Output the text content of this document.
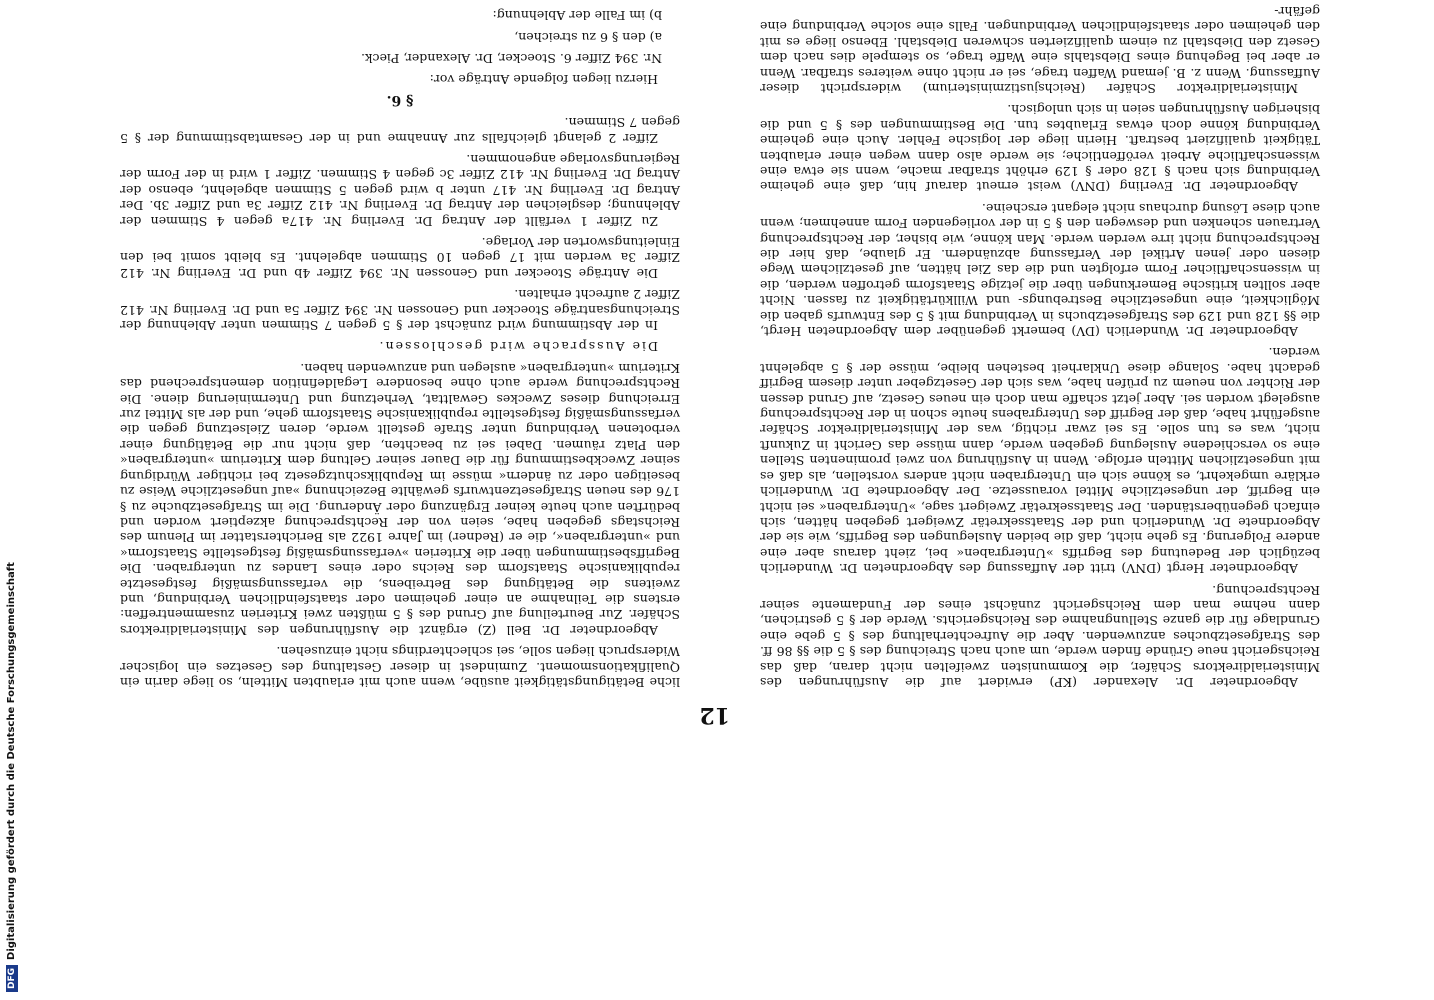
12

Abgeordneter Dr. Alexander (KP) erwidert auf die Ausführungen des Ministerialdirektors Schäfer, die Kommunisten zweifelten nicht daran, daß das Reichsgericht neue Gründe finden werde, um auch nach Streichung des § 5 die §§ 86 ff. des Strafgesetzbuches anzuwenden. Aber die Aufrechterhaltung des § 5 gebe eine Grundlage für die ganze Stellungnahme des Reichsgerichts. Werde der § 5 gestrichen, dann nehme man dem Reichsgericht zunächst eines der Fundamente seiner Rechtsprechung.

Abgeordneter Hergt (DNV) tritt der Auffassung des Abgeordneten Dr. Wunderlich bezüglich der Bedeutung des Begriffs »Untergraben« bei, zieht daraus aber eine andere Folgerung. Es gehe nicht, daß die beiden Auslegungen des Begriffs, wie sie der Abgeordnete Dr. Wunderlich und der Staatssekretär Zweigert gegeben hätten, sich einfach gegenüberständen. Der Staatssekretär Zweigert sage, »Untergraben« sei nicht ein Begriff, der ungesetzliche Mittel voraussetze. Der Abgeordnete Dr. Wunderlich erkläre umgekehrt, es könne sich ein Untergraben nicht anders vorstellen, als daß es mit ungesetzlichen Mitteln erfolge. Wenn in Ausführung von zwei prominenten Stellen eine so verschiedene Auslegung gegeben werde, dann müsse das Gericht in Zukunft nicht, was es tun solle. Es sei zwar richtig, was der Ministerialdirektor Schäfer ausgeführt habe, daß der Begriff des Untergrabens heute schon in der Rechtsprechung ausgelegt worden sei. Aber jetzt schaffe man doch ein neues Gesetz, auf Grund dessen der Richter von neuem zu prüfen habe, was sich der Gesetzgeber unter diesem Begriff gedacht habe. Solange diese Unklarheit bestehen bleibe, müsse der § 5 abgelehnt werden.

Abgeordneter Dr. Wunderlich (DV) bemerkt gegenüber dem Abgeordneten Hergt, die §§ 128 und 129 des Strafgesetzbuchs in Verbindung mit § 5 des Entwurfs gaben die Möglichkeit, eine ungesetzliche Bestrebungs- und Willkürtätigkeit zu fassen. Nicht aber sollten kritische Bemerkungen über die jetzige Staatsform getroffen werden, die in wissenschaftlicher Form erfolgten und die das Ziel hätten, auf gesetzlichem Wege diesen oder jenen Artikel der Verfassung abzuändern. Er glaube, daß hier die Rechtsprechung nicht irre werden werde. Man könne, wie bisher, der Rechtsprechung Vertrauen schenken und deswegen den § 5 in der vorliegenden Form annehmen; wenn auch diese Lösung durchaus nicht elegant erscheine.

Abgeordneter Dr. Everling (DNV) weist erneut darauf hin, daß eine geheime Verbindung sich nach § 128 oder § 129 erhöht strafbar mache, wenn sie etwa eine wissenschaftliche Arbeit veröffentliche; sie werde also dann wegen einer erlaubten Tätigkeit qualifiziert bestraft. Hierin liege der logische Fehler. Auch eine geheime Verbindung könne doch etwas Erlaubtes tun. Die Bestimmungen des § 5 und die bisherigen Ausführungen seien in sich unlogisch.

Ministerialdirektor Schäfer (Reichsjustizministerium) widerspricht dieser Auffassung. Wenn z. B. jemand Waffen trage, sei er nicht ohne weiteres strafbar. Wenn er aber bei Begehung eines Diebstahls eine Waffe trage, so stempele dies nach dem Gesetz den Diebstahl zu einem qualifizierten schweren Diebstahl. Ebenso liege es mit den geheimen oder staatsfeindlichen Verbindungen. Falls eine solche Verbindung eine gefähr-

liche Betätigungstätigkeit ausübe, wenn auch mit erlaubten Mitteln, so liege darin ein Qualifikationsmoment. Zumindest in dieser Gestaltung des Gesetzes ein logischer Widerspruch liegen solle, sei schlechterdings nicht einzusehen.

Abgeordneter Dr. Bell (Z) ergänzt die Ausführungen des Ministerialdirektors Schäfer. Zur Beurteilung auf Grund des § 5 müßten zwei Kriterien zusammentreffen: erstens die Teilnahme an einer geheimen oder staatsfeindlichen Verbindung, und zweitens die Betätigung des Betreibens, die verfassungsmäßig festgesetzte republikanische Staatsform des Reichs oder eines Landes zu untergraben. Die Begriffsbestimmungen über die Kriterien »verfassungsmäßig festgestellte Staatsform« und »untergraben«, die er (Redner) im Jahre 1922 als Berichterstatter im Plenum des Reichstags gegeben habe, seien von der Rechtsprechung akzeptiert worden und bedürften auch heute keiner Ergänzung oder Änderung. Die im Strafgesetzbuche zu § 176 des neuen Strafgesetzentwurfs gewählte Bezeichnung »auf ungesetzliche Weise zu beseitigen oder zu ändern« müsse im Republikschutzgesetz bei richtiger Würdigung seiner Zweckbestimmung für die Dauer seiner Geltung dem Kriterium »untergraben« den Platz räumen. Dabei sei zu beachten, daß nicht nur die Betätigung einer verbotenen Verbindung unter Strafe gestellt werde, deren Zielsetzung gegen die verfassungsmäßig festgestellte republikanische Staatsform gehe, und der als Mittel zur Erreichung dieses Zweckes Gewalttat, Verhetzung und Unterminierung diene. Die Rechtsprechung werde auch ohne besondere Legaldefinition dementsprechend das Kriterium »untergraben« auslegen und anzuwenden haben.

Die Aussprache wird geschlossen.

In der Abstimmung wird zunächst der § 5 gegen 7 Stimmen unter Ablehnung der Streichungsanträge Stoecker und Genossen Nr. 394 Ziffer 5a und Dr. Everling Nr. 412 Ziffer 2 aufrecht erhalten.

Die Anträge Stoecker und Genossen Nr. 394 Ziffer 4b und Dr. Everling Nr. 412 Ziffer 3a werden mit 17 gegen 10 Stimmen abgelehnt. Es bleibt somit bei den Einleitungsworten der Vorlage.

Zu Ziffer 1 verfällt der Antrag Dr. Everling Nr. 417a gegen 4 Stimmen der Ablehnung; desgleichen der Antrag Dr. Everling Nr. 412 Ziffer 3a und Ziffer 3b. Der Antrag Dr. Everling Nr. 417 unter b wird gegen 5 Stimmen abgelehnt, ebenso der Antrag Dr. Everling Nr. 412 Ziffer 3c gegen 4 Stimmen. Ziffer 1 wird in der Form der Regierungsvorlage angenommen.

Ziffer 2 gelangt gleichfalls zur Annahme und in der Gesamtabstimmung der § 5 gegen 7 Stimmen.

§ 6.

Hierzu liegen folgende Anträge vor:

Nr. 394 Ziffer 6. Stoecker, Dr. Alexander, Pieck.

a) den § 6 zu streichen,

b) im Falle der Ablehnung:

DFGDigitalisierung gefördert durch die Deutsche Forschungsgemeinschaft
